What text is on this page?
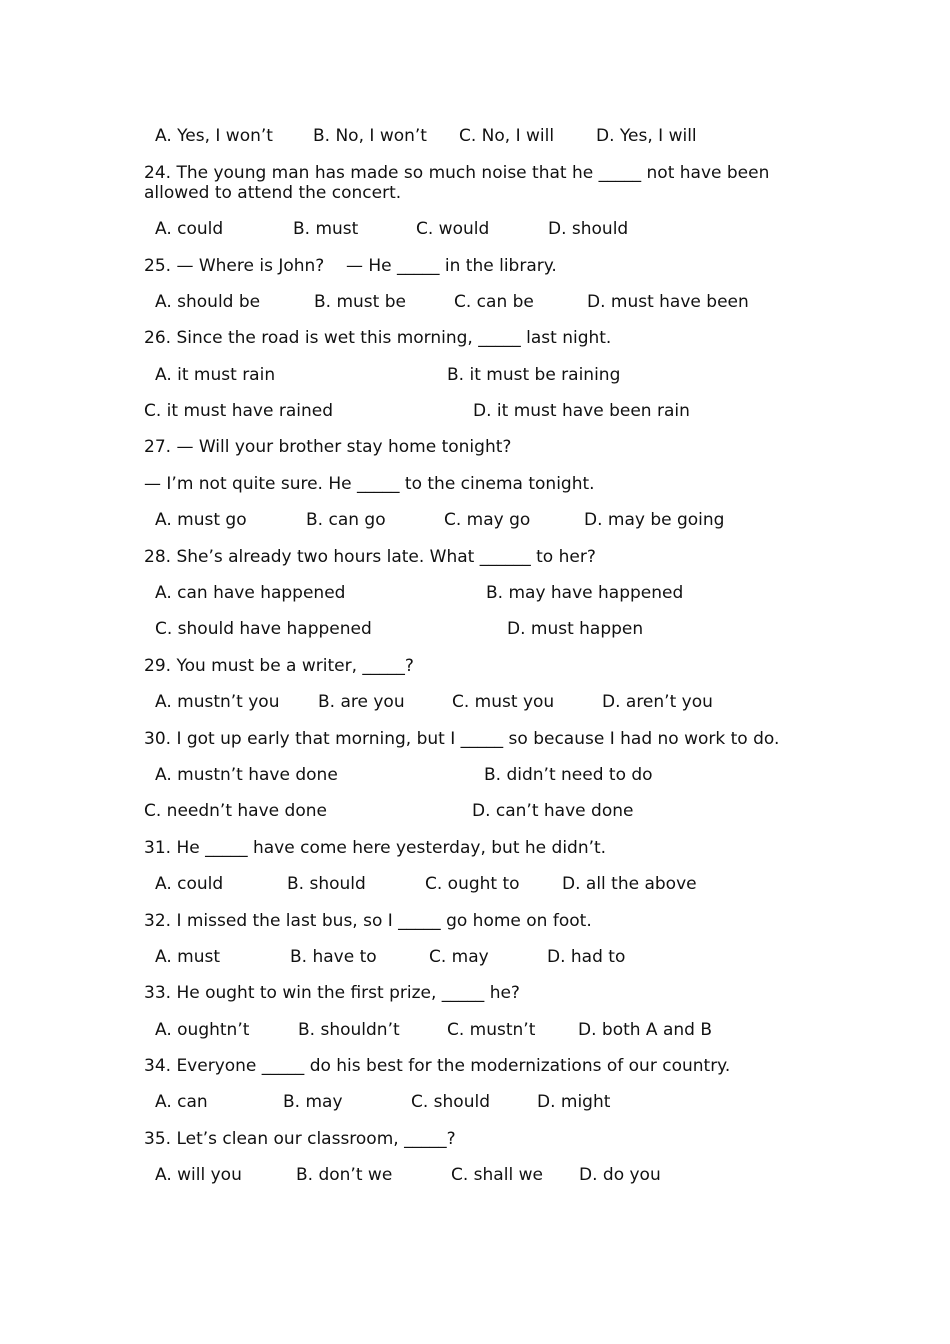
A. Yes, I won’t B. No, I won’t C. No, I will D. Yes, I will
24. The young man has made so much noise that he _____ not have been allowed to attend the concert.
A. could	B. must	C. would	D. should
25. — Where is John?    — He _____ in the library.
A. should be	B. must be	C. can be	D. must have been
26. Since the road is wet this morning, _____ last night.
A. it must rain	B. it must be raining
C. it must have rained	D. it must have been rain
27. — Will your brother stay home tonight?
— I’m not quite sure. He _____ to the cinema tonight.
A. must go	B. can go	C. may go	D. may be going
28. She’s already two hours late. What ______ to her?
A. can have happened	B. may have happened
C. should have happened	D. must happen
29. You must be a writer, _____?
A. mustn’t you B. are you	C. must you	D. aren’t you
30. I got up early that morning, but I _____ so because I had no work to do.
A. mustn’t have done	B. didn’t need to do
C. needn’t have done	D. can’t have done
31. He _____ have come here yesterday, but he didn’t.
A. could	B. should	C. ought to D. all the above
32. I missed the last bus, so I _____ go home on foot.
A. must	B. have to	C. may	D. had to
33. He ought to win the first prize, _____ he?
A. oughtn’t	B. shouldn’t	C. mustn’t	D. both A and B
34. Everyone _____ do his best for the modernizations of our country.
A. can	B. may	C. should	D. might
35. Let’s clean our classroom, _____?
A. will you	B. don’t we	C. shall we D. do you
